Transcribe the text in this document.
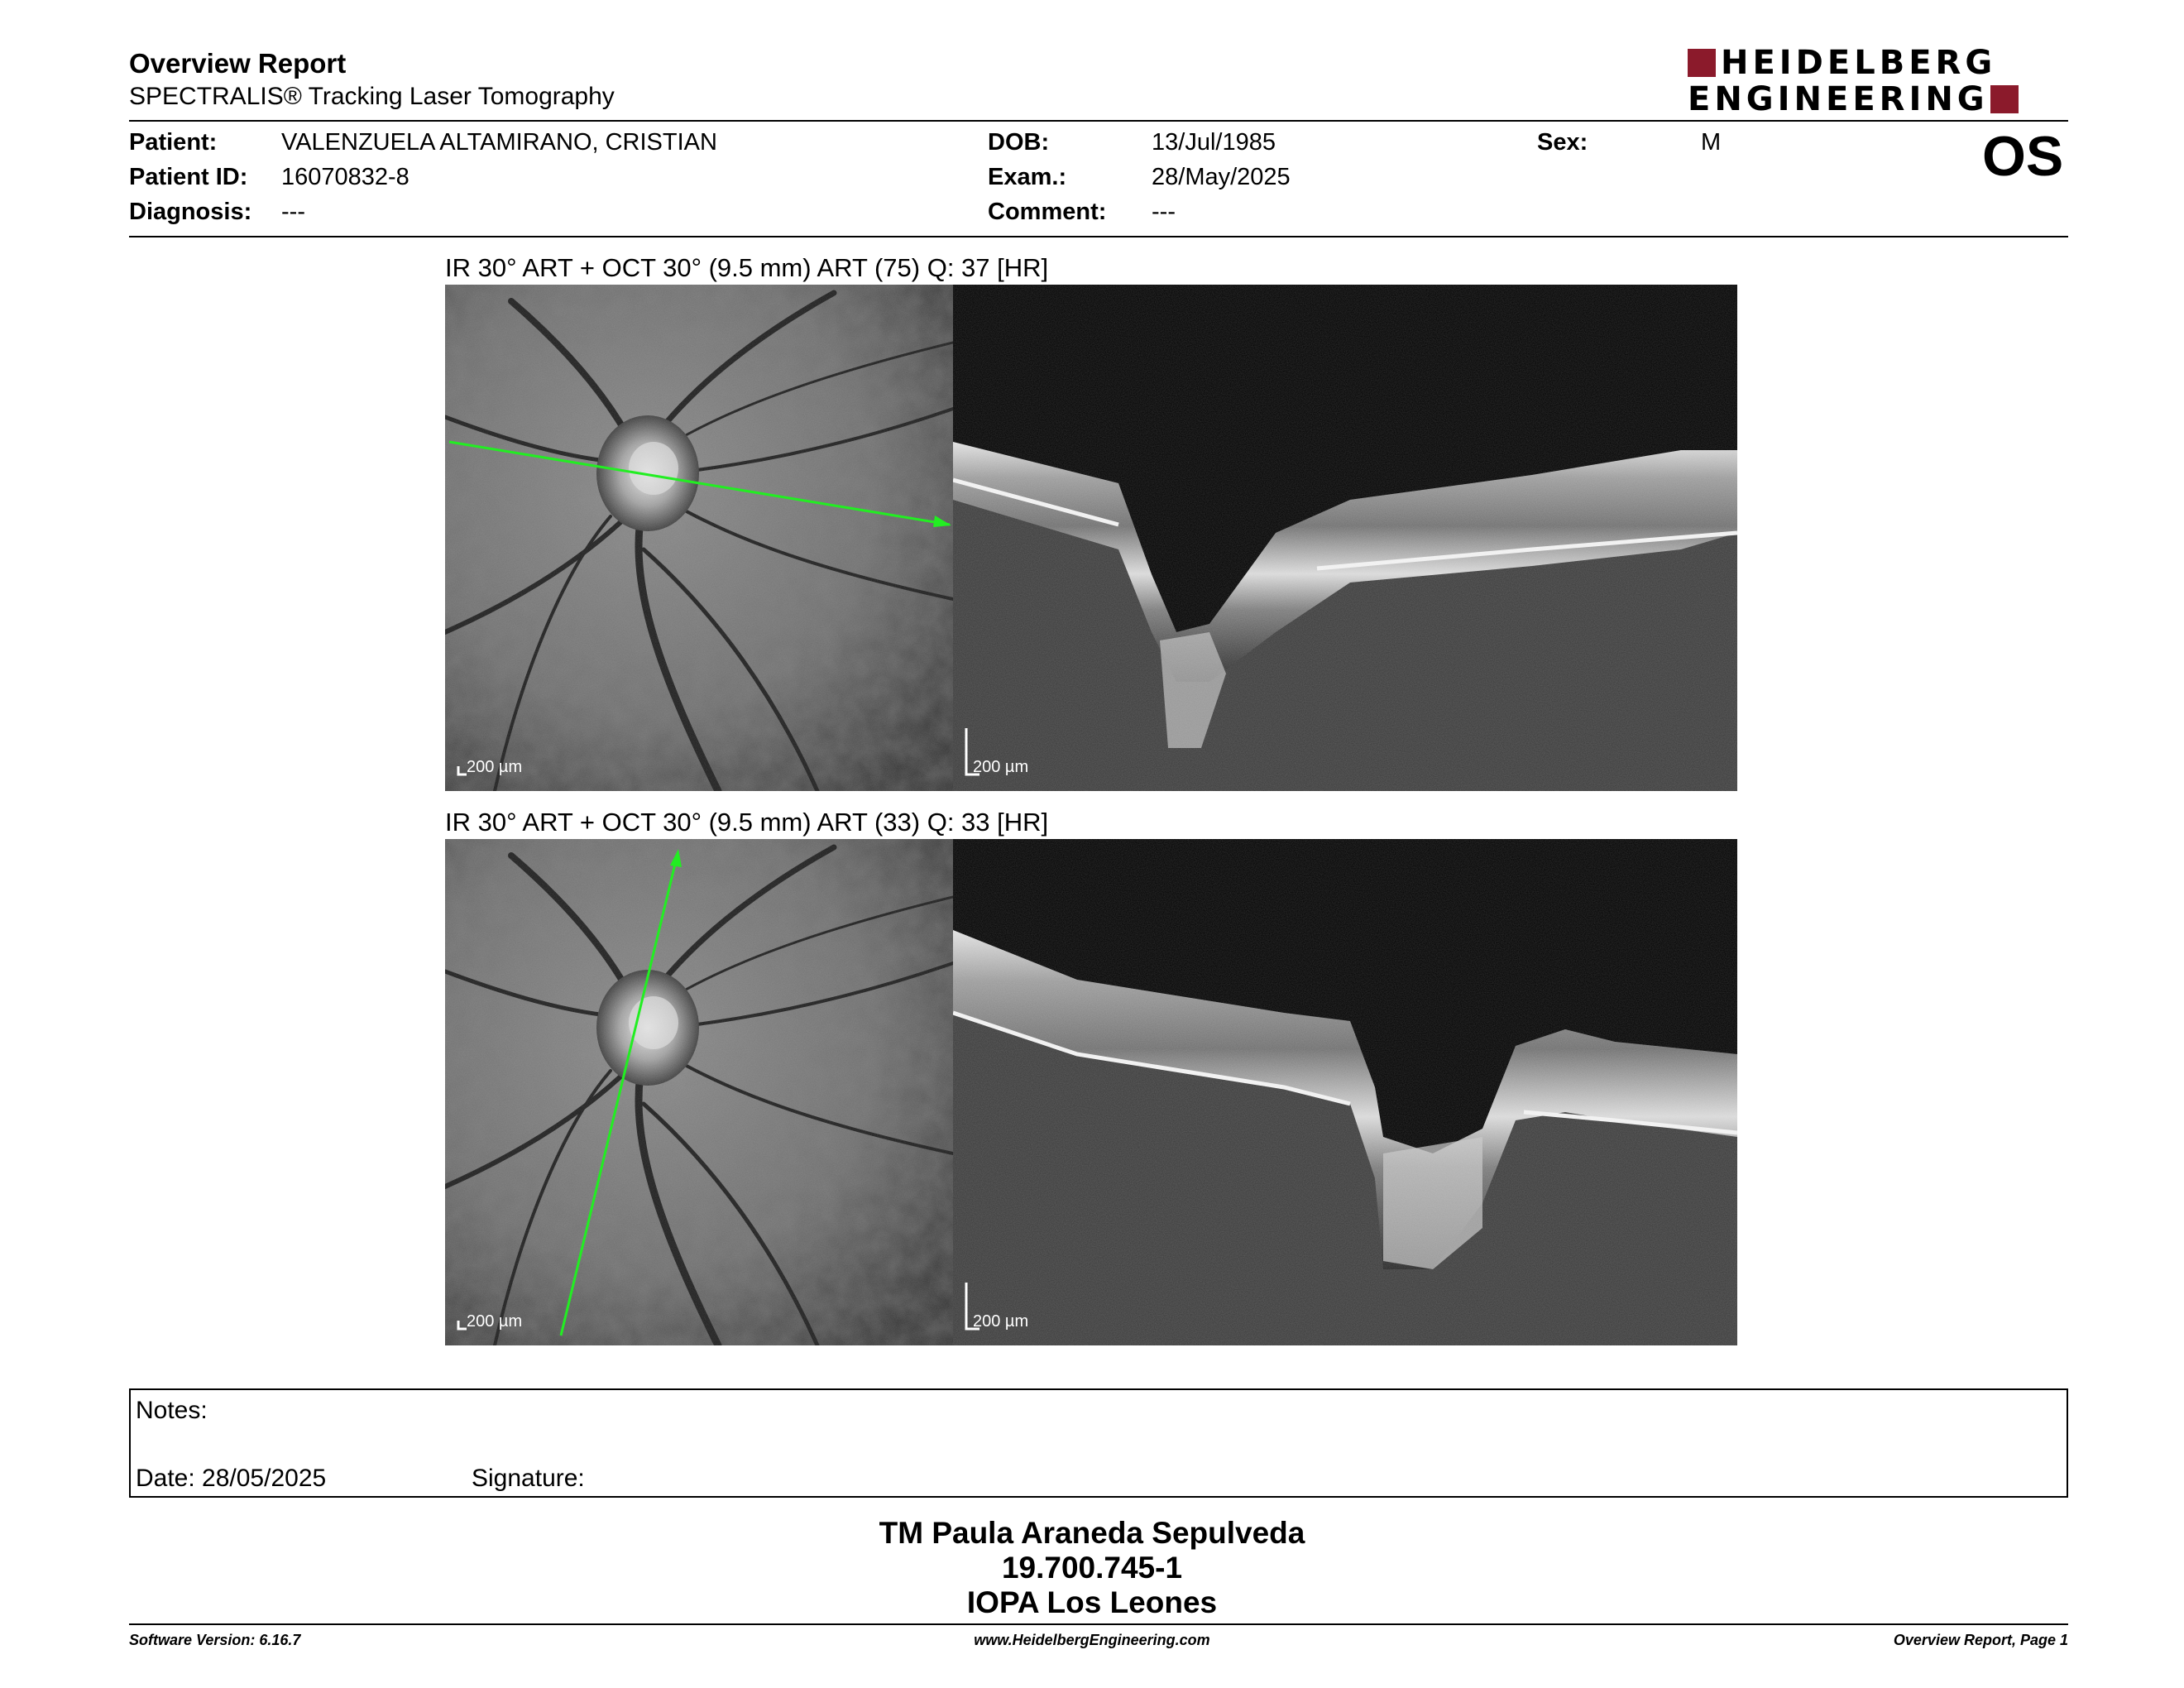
Overview Report
SPECTRALIS® Tracking Laser Tomography
HEIDELBERG
ENGINEERING
Patient:	VALENZUELA ALTAMIRANO, CRISTIAN
Patient ID: 16070832-8
Diagnosis: ---
DOB:	13/Jul/1985
Exam.:	28/May/2025
Comment: ---
Sex:	M	OS
IR 30° ART + OCT 30° (9.5 mm) ART (75) Q: 37 [HR]
200 µm	200 µm
IR 30° ART + OCT 30° (9.5 mm) ART (33) Q: 33 [HR]
200 µm	200 µm
Notes:
Date: 28/05/2025	Signature:
TM Paula Araneda Sepulveda
19.700.745-1
IOPA Los Leones
Software Version: 6.16.7	www.HeidelbergEngineering.com	Overview Report, Page 1
